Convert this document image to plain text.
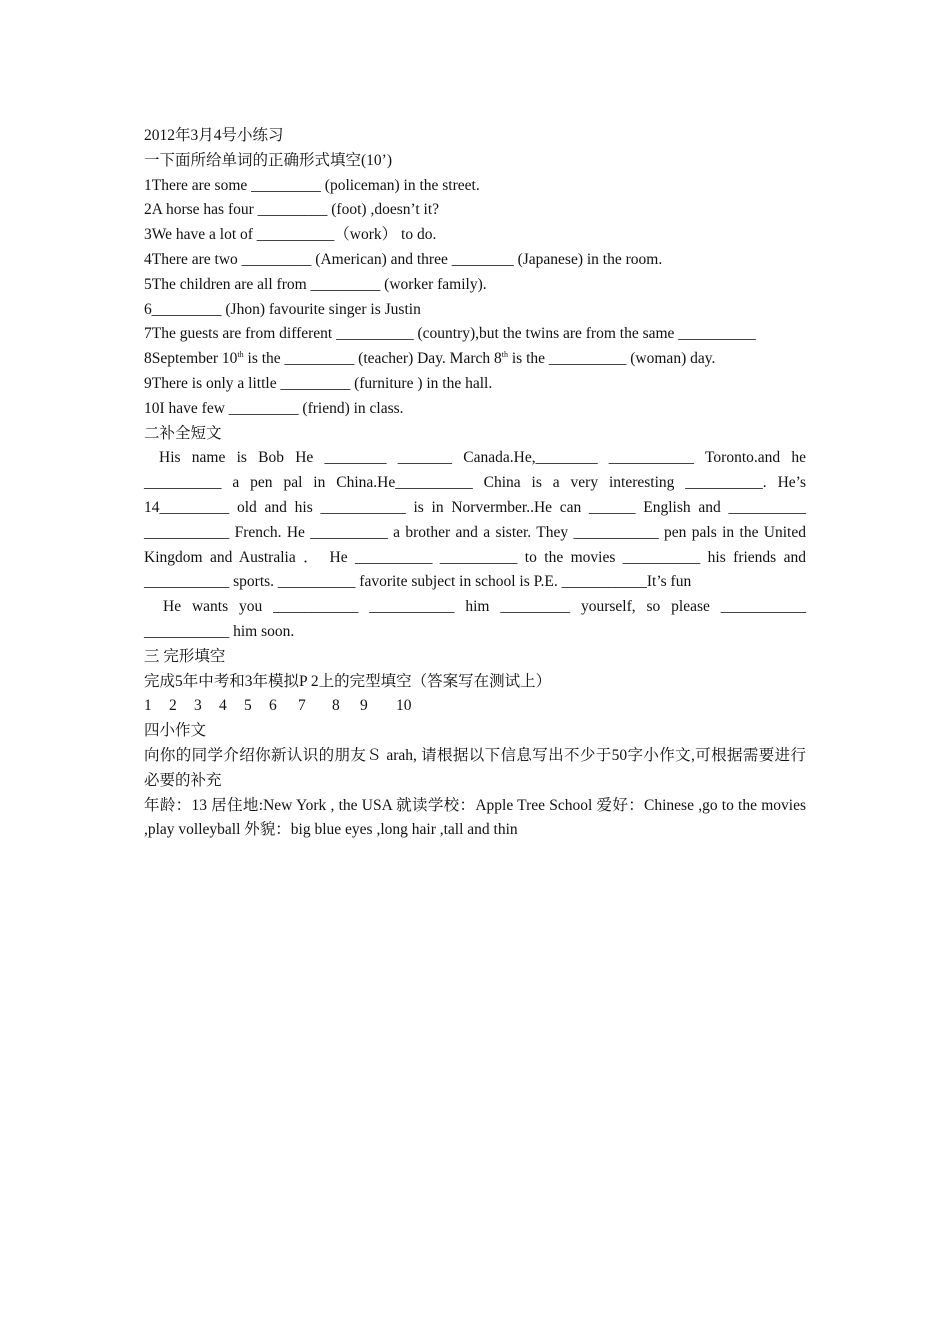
2012年3月4号小练习
一下面所给单词的正确形式填空(10’)
1There are some _________ (policeman) in the street.
2A horse has four _________ (foot) ,doesn’t it?
3We have a lot of __________（work） to do.
4There are two _________ (American) and three ________ (Japanese) in the room.
5The children are all from _________ (worker family).
6_________ (Jhon) favourite singer is Justin
7The guests are from different __________ (country),but the twins are from the same __________
8September 10th is the _________ (teacher) Day. March 8th is the __________ (woman) day.
9There is only a little _________ (furniture ) in the hall.
10I have few _________ (friend) in class.
二补全短文
His name is Bob He ________ _______ Canada.He,________ ___________ Toronto.and he __________ a pen pal in China.He__________ China is a very interesting __________. He’s 14_________ old and his ___________ is in Norvermber..He can ______ English and __________ ___________ French. He __________ a brother and a sister. They ___________ pen pals in the United Kingdom and Australia ． He __________ __________ to the movies __________ his friends and ___________ sports. __________ favorite subject in school is P.E. ___________It’s fun
He wants you ___________ ___________ him _________ yourself, so please ___________ ___________ him soon.
三 完形填空
完成5年中考和3年模拟P 2上的完型填空（答案写在测试上）
1 2 3 4 5 6 7 8 9 10
四小作文
向你的同学介绍你新认识的朋友Ｓ arah, 请根据以下信息写出不少于50字小作文,可根据需要进行必要的补充
年龄：13 居住地:New York , the USA 就读学校：Apple Tree School 爱好：Chinese ,go to the movies ,play volleyball 外貌：big blue eyes ,long hair ,tall and thin
